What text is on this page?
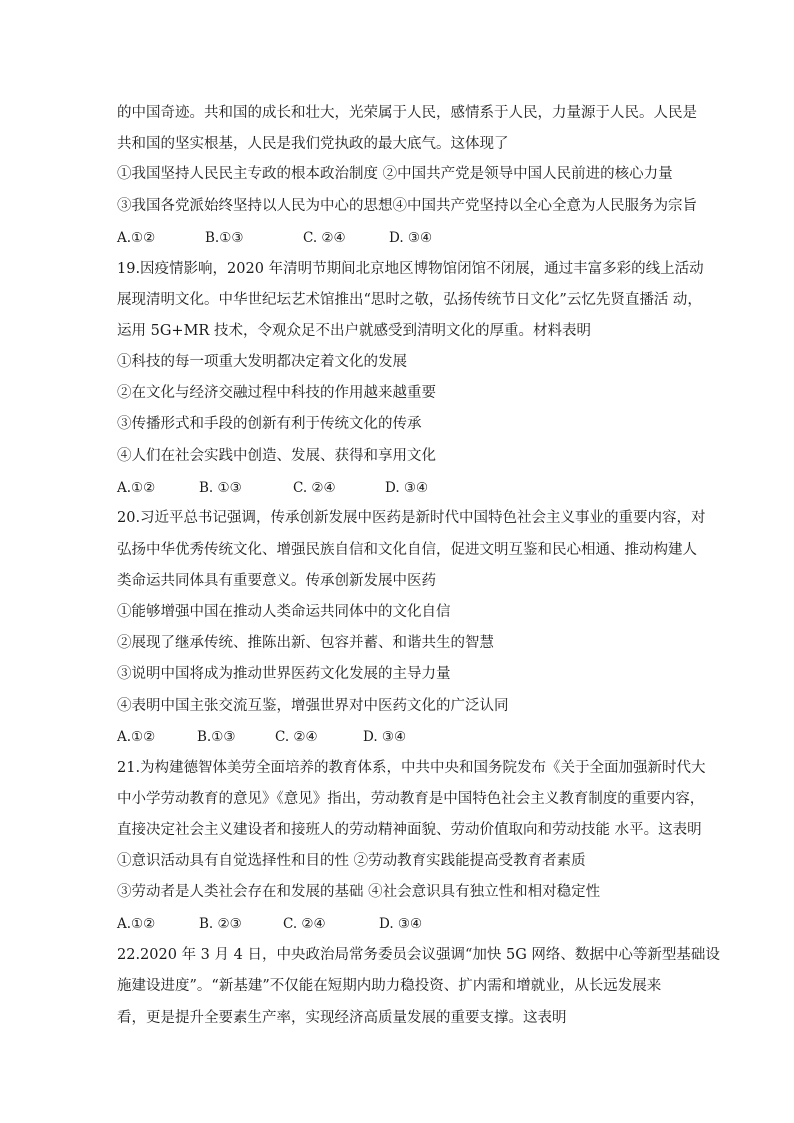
的中国奇迹。共和国的成长和壮大，光荣属于人民，感情系于人民，力量源于人民。人民是
共和国的坚实根基，人民是我们党执政的最大底气。这体现了
①我国坚持人民民主专政的根本政治制度 ②中国共产党是领导中国人民前进的核心力量
③我国各党派始终坚持以人民为中心的思想④中国共产党坚持以全心全意为人民服务为宗旨
A.①②	B.①③	C. ②④	D. ③④
19.因疫情影响，2020 年清明节期间北京地区博物馆闭馆不闭展，通过丰富多彩的线上活动
展现清明文化。中华世纪坛艺术馆推出“思时之敬，弘扬传统节日文化”云忆先贤直播活 动，
运用 5G+MR 技术，令观众足不出户就感受到清明文化的厚重。材料表明
①科技的每一项重大发明都决定着文化的发展
②在文化与经济交融过程中科技的作用越来越重要
③传播形式和手段的创新有利于传统文化的传承
④人们在社会实践中创造、发展、获得和享用文化
A.①②	B. ①③	C. ②④	D. ③④
20.习近平总书记强调，传承创新发展中医药是新时代中国特色社会主义事业的重要内容，对
弘扬中华优秀传统文化、增强民族自信和文化自信，促进文明互鉴和民心相通、推动构建人
类命运共同体具有重要意义。传承创新发展中医药
①能够增强中国在推动人类命运共同体中的文化自信
②展现了继承传统、推陈出新、包容并蓄、和谐共生的智慧
③说明中国将成为推动世界医药文化发展的主导力量
④表明中国主张交流互鉴，增强世界对中医药文化的广泛认同
A.①②	B.①③	C. ②④	D. ③④
21.为构建德智体美劳全面培养的教育体系，中共中央和国务院发布《关于全面加强新时代大
中小学劳动教育的意见》《意见》指出，劳动教育是中国特色社会主义教育制度的重要内容，
直接决定社会主义建设者和接班人的劳动精神面貌、劳动价值取向和劳动技能 水平。这表明
①意识活动具有自觉选择性和目的性 ②劳动教育实践能提高受教育者素质
③劳动者是人类社会存在和发展的基础 ④社会意识具有独立性和相对稳定性
A.①②	B. ②③	C. ②④	D. ③④
22.2020 年 3 月 4 日，中央政治局常务委员会议强调“加快 5G 网络、数据中心等新型基础设
施建设进度”。“新基建”不仅能在短期内助力稳投资、扩内需和增就业，从长远发展来
看，更是提升全要素生产率，实现经济高质量发展的重要支撑。这表明
